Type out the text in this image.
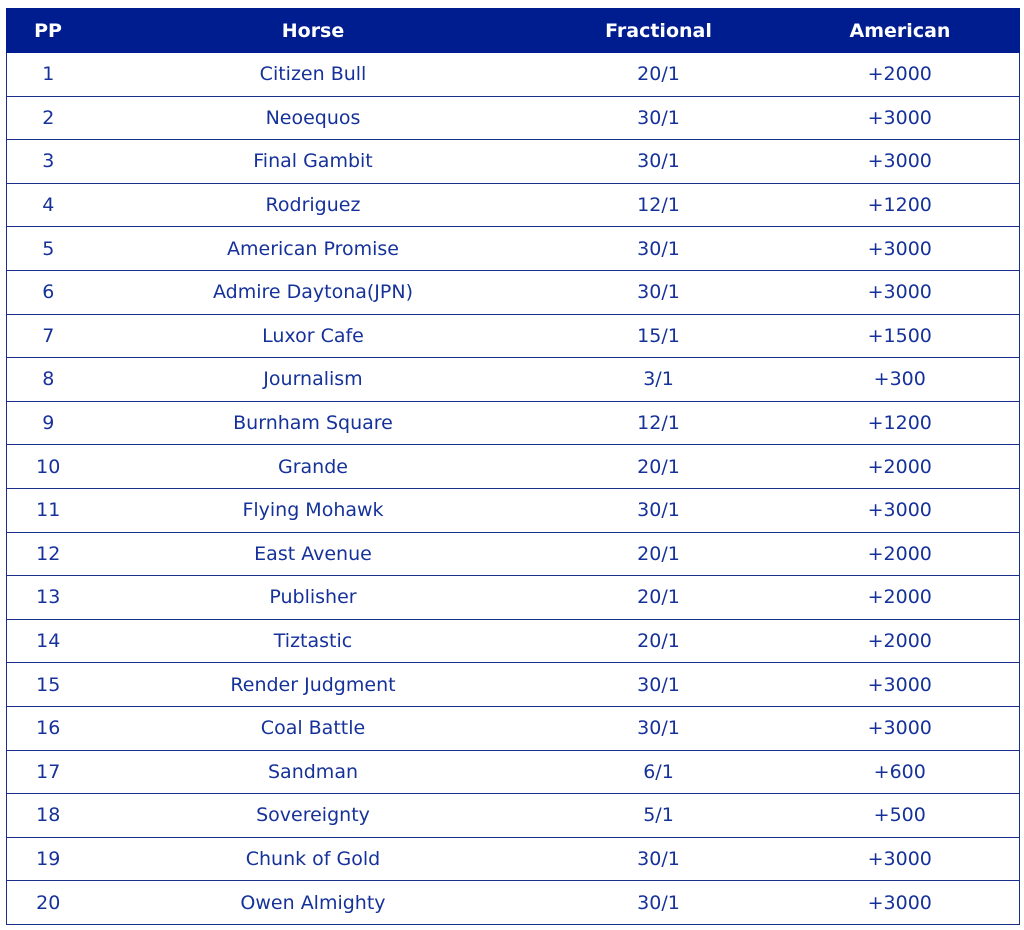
PP	Horse	Fractional	American
1	Citizen Bull	20/1	+2000
2	Neoequos	30/1	+3000
3	Final Gambit	30/1	+3000
4	Rodriguez	12/1	+1200
5	American Promise	30/1	+3000
6	Admire Daytona(JPN)	30/1	+3000
7	Luxor Cafe	15/1	+1500
8	Journalism	3/1	+300
9	Burnham Square	12/1	+1200
10	Grande	20/1	+2000
11	Flying Mohawk	30/1	+3000
12	East Avenue	20/1	+2000
13	Publisher	20/1	+2000
14	Tiztastic	20/1	+2000
15	Render Judgment	30/1	+3000
16	Coal Battle	30/1	+3000
17	Sandman	6/1	+600
18	Sovereignty	5/1	+500
19	Chunk of Gold	30/1	+3000
20	Owen Almighty	30/1	+3000
